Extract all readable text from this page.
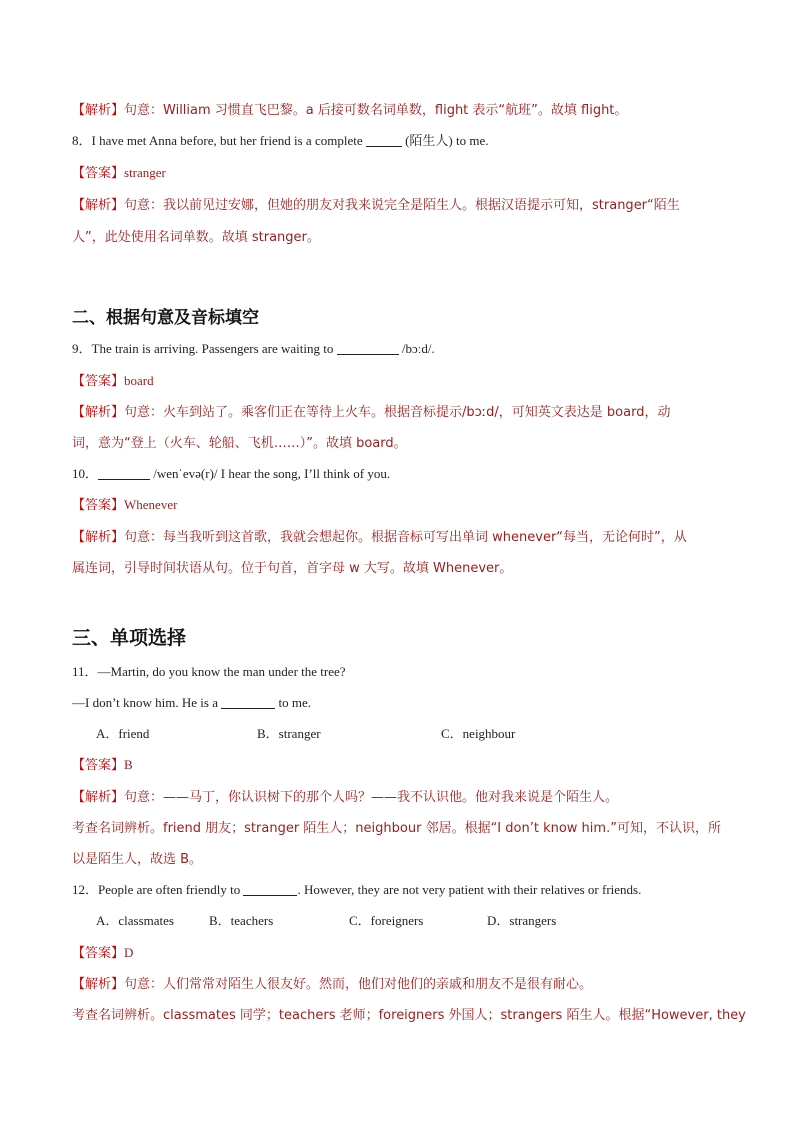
【解析】句意：William 习惯直飞巴黎。a 后接可数名词单数，flight 表示“航班”。故填 flight。
8．I have met Anna before, but her friend is a complete	(陌生人) to me.
【答案】stranger
【解析】句意：我以前见过安娜，但她的朋友对我来说完全是陌生人。根据汉语提示可知，stranger“陌生
人”，此处使用名词单数。故填 stranger。
二、根据句意及音标填空
9．The train is arriving. Passengers are waiting to	/bɔːd/.
【答案】board
【解析】句意：火车到站了。乘客们正在等待上火车。根据音标提示/bɔːd/，可知英文表达是 board，动
词，意为“登上（火车、轮船、飞机……）”。故填 board。
10．	/wenˈevə(r)/ I hear the song, I’ll think of you.
【答案】Whenever
【解析】句意：每当我听到这首歌，我就会想起你。根据音标可写出单词 whenever“每当，无论何时”，从
属连词，引导时间状语从句。位于句首，首字母 w 大写。故填 Whenever。
三、单项选择
11．—Martin, do you know the man under the tree?
—I don’t know him. He is a	to me.
A．friend	B．stranger	C．neighbour
【答案】B
【解析】句意：——马丁，你认识树下的那个人吗？——我不认识他。他对我来说是个陌生人。
考查名词辨析。friend 朋友；stranger 陌生人；neighbour 邻居。根据“I don’t know him.”可知，不认识，所
以是陌生人，故选 B。
12．People are often friendly to	. However, they are not very patient with their relatives or friends.
A．classmates	B．teachers	C．foreigners	D．strangers
【答案】D
【解析】句意：人们常常对陌生人很友好。然而，他们对他们的亲戚和朋友不是很有耐心。
考查名词辨析。classmates 同学；teachers 老师；foreigners 外国人；strangers 陌生人。根据“However, they
